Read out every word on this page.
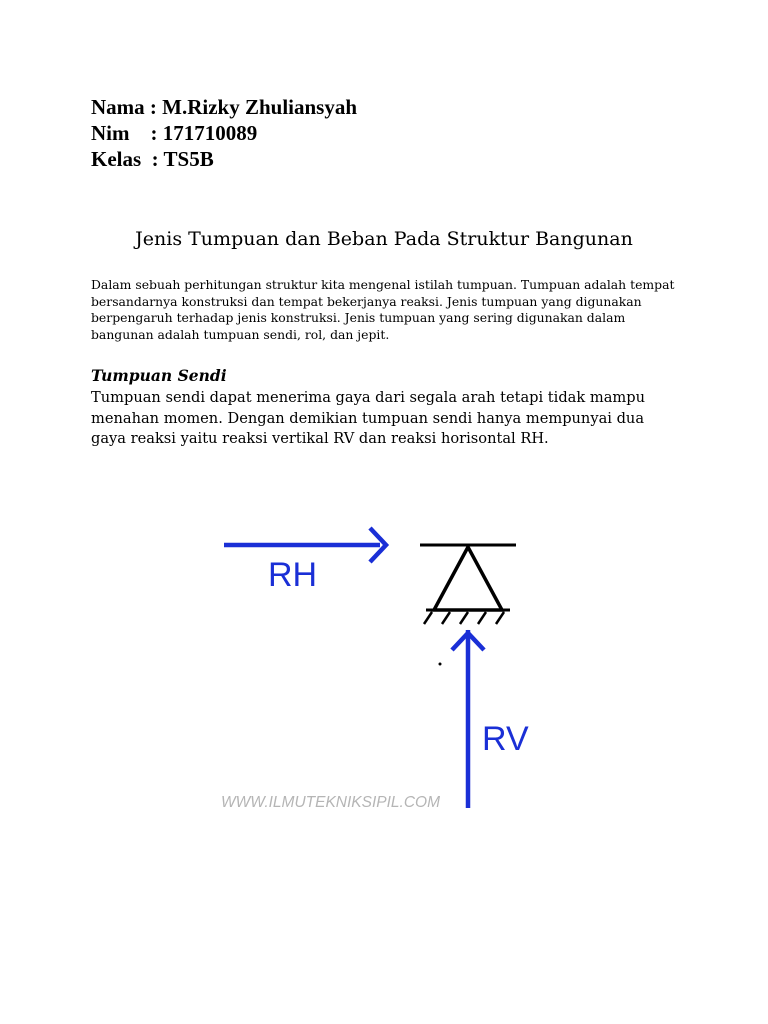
Nama : M.Rizky Zhuliansyah
Nim    : 171710089
Kelas  : TS5B
Jenis Tumpuan dan Beban Pada Struktur Bangunan

Dalam sebuah perhitungan struktur kita mengenal istilah tumpuan. Tumpuan adalah tempat bersandarnya konstruksi dan tempat bekerjanya reaksi. Jenis tumpuan yang digunakan berpengaruh terhadap jenis konstruksi. Jenis tumpuan yang sering digunakan dalam bangunan adalah tumpuan sendi, rol, dan jepit.

Tumpuan Sendi

Tumpuan sendi dapat menerima gaya dari segala arah tetapi tidak mampu menahan momen. Dengan demikian tumpuan sendi hanya mempunyai dua gaya reaksi yaitu reaksi vertikal RV dan reaksi horisontal RH.

RH
RV
WWW.ILMUTEKNIKSIPIL.COM
